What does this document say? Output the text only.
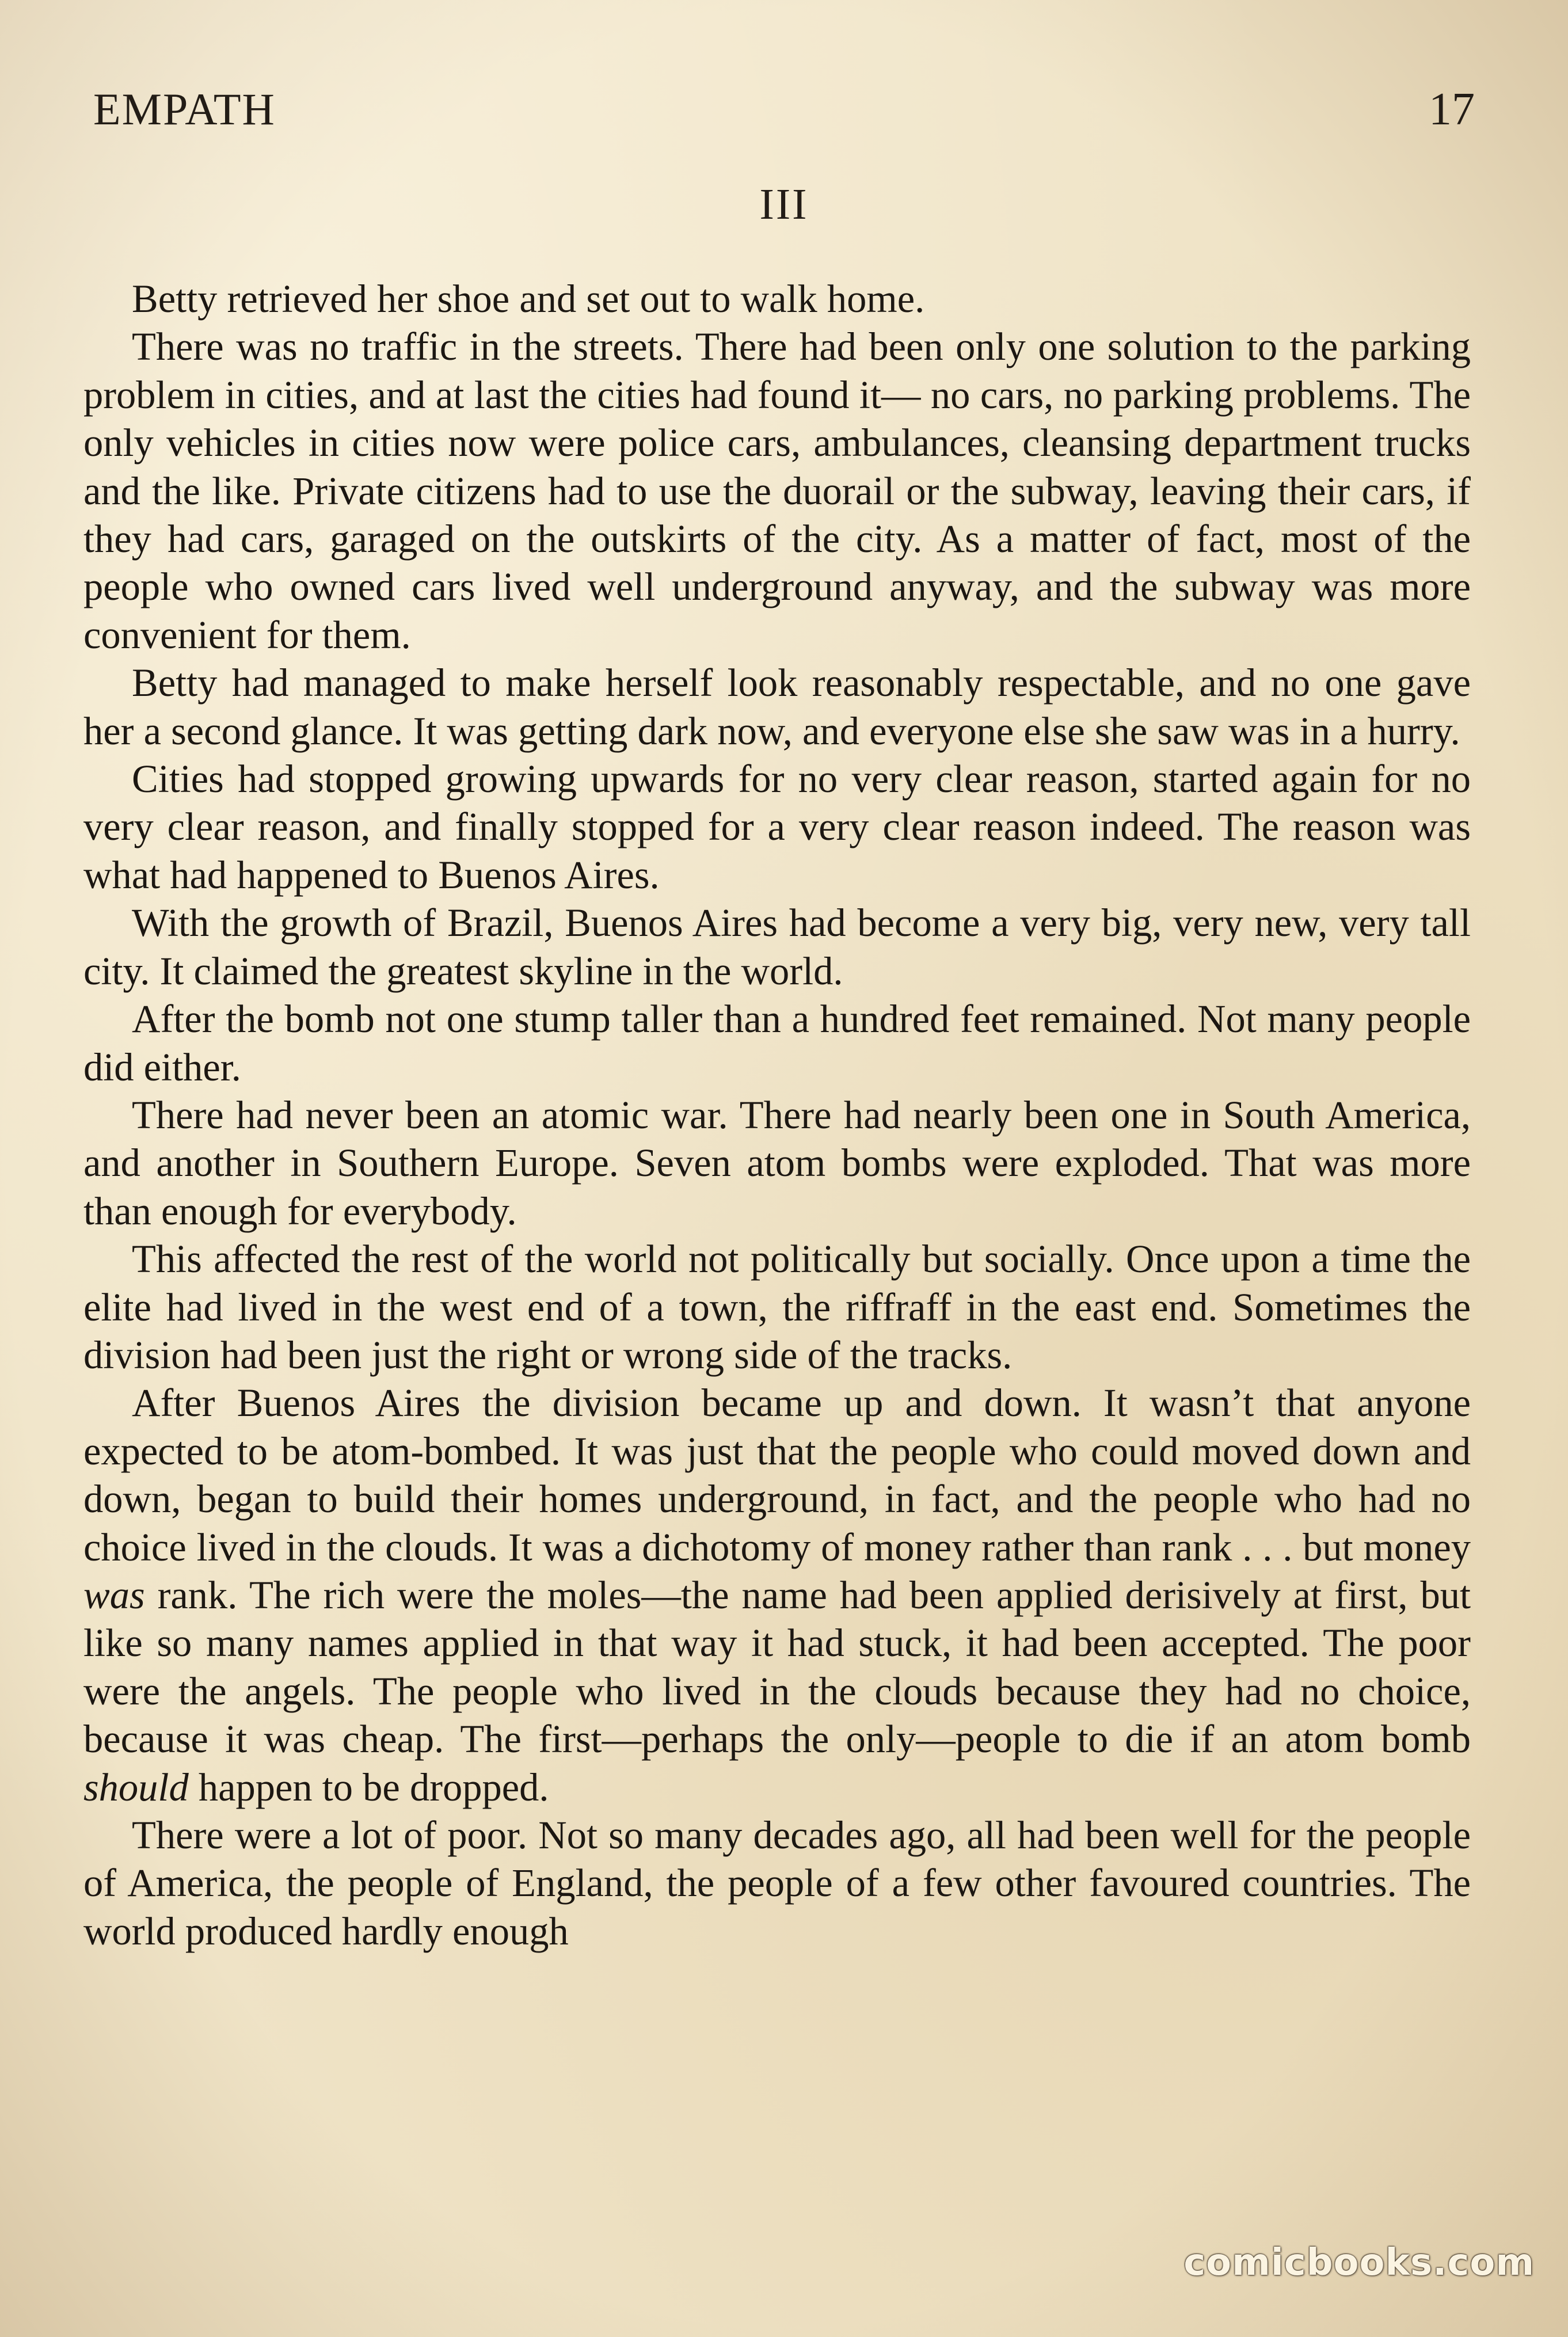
EMPATH	17
III

Betty retrieved her shoe and set out to walk home.

There was no traffic in the streets. There had been only one solution to the parking problem in cities, and at last the cities had found it— no cars, no parking problems. The only vehicles in cities now were police cars, ambulances, cleansing department trucks and the like. Private citizens had to use the duorail or the subway, leaving their cars, if they had cars, garaged on the outskirts of the city. As a matter of fact, most of the people who owned cars lived well underground anyway, and the subway was more convenient for them.

Betty had managed to make herself look reasonably respectable, and no one gave her a second glance. It was getting dark now, and everyone else she saw was in a hurry.

Cities had stopped growing upwards for no very clear reason, started again for no very clear reason, and finally stopped for a very clear reason indeed. The reason was what had happened to Buenos Aires.

With the growth of Brazil, Buenos Aires had become a very big, very new, very tall city. It claimed the greatest skyline in the world.

After the bomb not one stump taller than a hundred feet remained. Not many people did either.

There had never been an atomic war. There had nearly been one in South America, and another in Southern Europe. Seven atom bombs were exploded. That was more than enough for everybody.

This affected the rest of the world not politically but socially. Once upon a time the elite had lived in the west end of a town, the riffraff in the east end. Sometimes the division had been just the right or wrong side of the tracks.

After Buenos Aires the division became up and down. It wasn’t that anyone expected to be atom-bombed. It was just that the people who could moved down and down, began to build their homes underground, in fact, and the people who had no choice lived in the clouds. It was a dichotomy of money rather than rank . . . but money was rank. The rich were the moles—the name had been applied derisively at first, but like so many names applied in that way it had stuck, it had been accepted. The poor were the angels. The people who lived in the clouds because they had no choice, because it was cheap. The first—perhaps the only—people to die if an atom bomb should happen to be dropped.

There were a lot of poor. Not so many decades ago, all had been well for the people of America, the people of England, the people of a few other favoured countries. The world produced hardly enough

comicbooks.com
